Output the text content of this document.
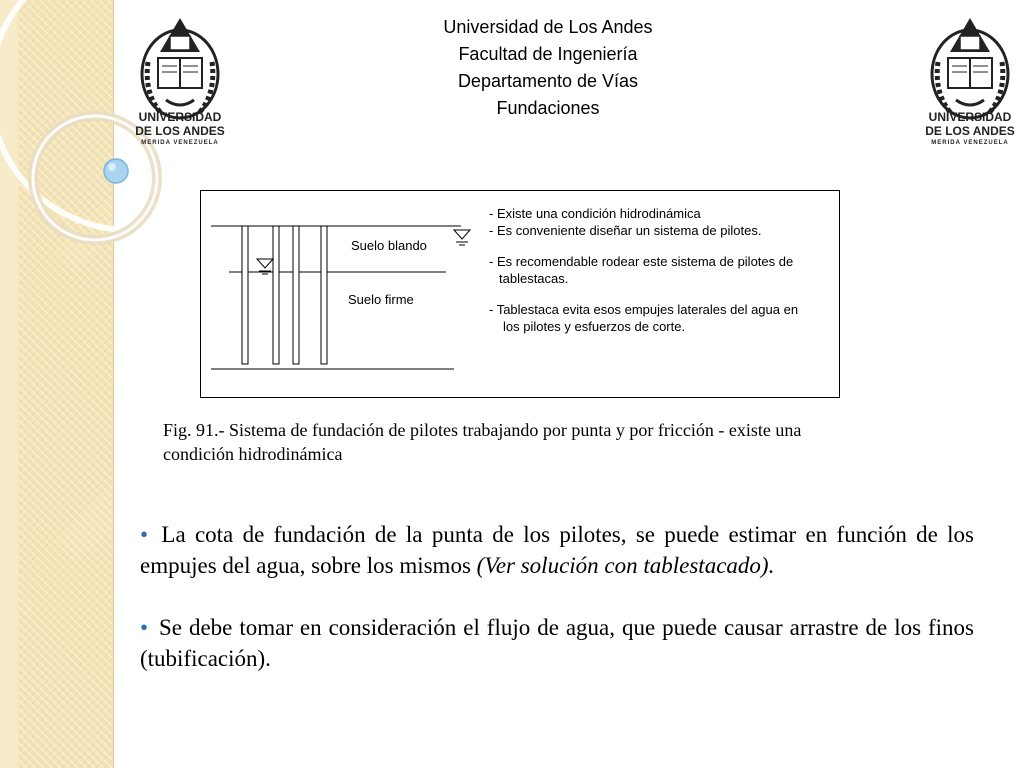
UNIVERSIDAD
DE LOS ANDES
MERIDA VENEZUELA
UNIVERSIDAD
DE LOS ANDES
MERIDA VENEZUELA
Universidad de Los Andes
Facultad de Ingeniería
Departamento de Vías
Fundaciones
Suelo blando
Suelo firme

- Existe una condición hidrodinámica

- Es conveniente diseñar un sistema de pilotes.

- Es recomendable rodear este sistema de pilotes de

tablestacas.

- Tablestaca evita esos empujes laterales del agua en

los pilotes y esfuerzos de corte.

Fig. 91.- Sistema de fundación de pilotes trabajando por punta y por fricción - existe una
condición hidrodinámica

• La cota de fundación de la punta de los pilotes, se puede estimar en función de los empujes del agua, sobre los mismos (Ver solución con tablestacado).

• Se debe tomar en consideración el flujo de agua, que puede causar arrastre de los finos (tubificación).
